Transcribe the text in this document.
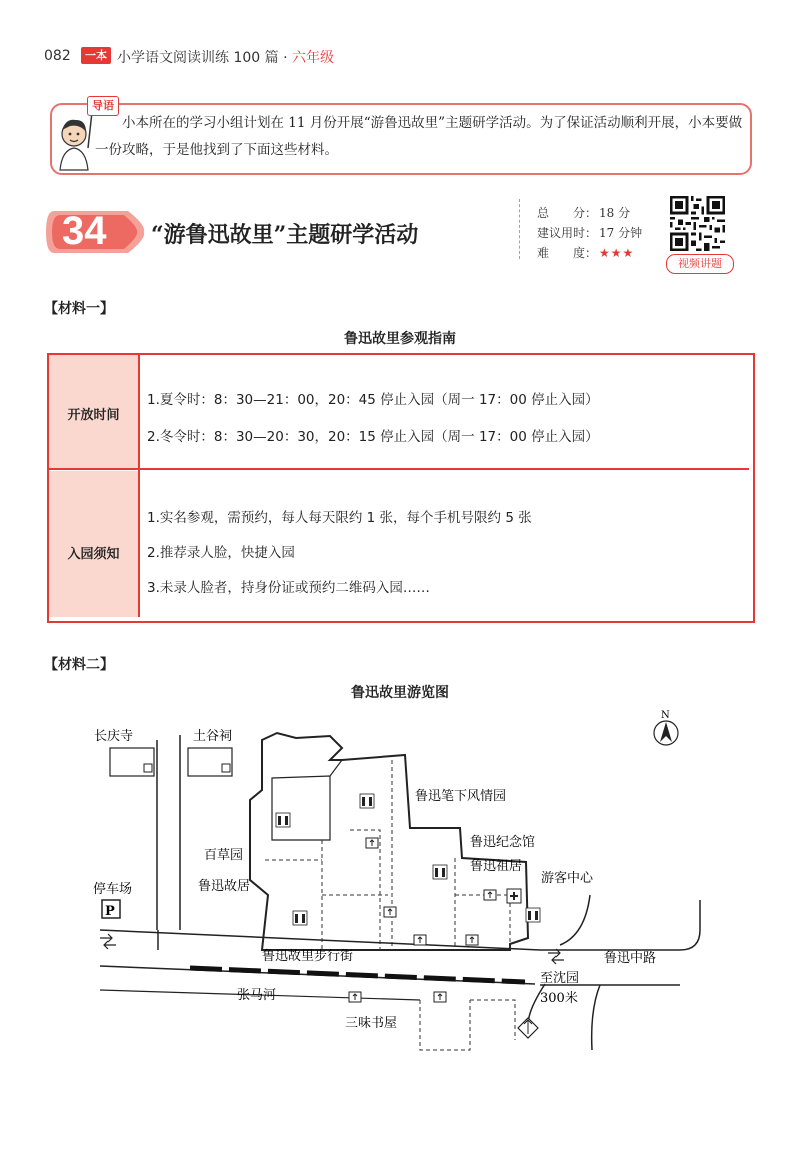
082	一本 小学语文阅读训练 100 篇 · 六年级
导语
小本所在的学习小组计划在 11 月份开展“游鲁迅故里”主题研学活动。为了保证活动顺利开展，小本要做一份攻略，于是他找到了下面这些材料。
34 “游鲁迅故里”主题研学活动
总　　分： 18 分
建议用时： 17 分钟
难　　度： ★★★
视频讲题
【材料一】
鲁迅故里参观指南
开放时间
1.夏令时：8：30—21：00，20：45 停止入园（周一 17：00 停止入园）
2.冬令时：8：30—20：30，20：15 停止入园（周一 17：00 停止入园）
入园须知
1.实名参观，需预约，每人每天限约 1 张，每个手机号限约 5 张
2.推荐录人脸，快捷入园
3.未录人脸者，持身份证或预约二维码入园……
【材料二】
鲁迅故里游览图
N
长庆寺	土谷祠
P
鲁迅笔下风情园
百草园
鲁迅故居
停车场
鲁迅纪念馆
鲁迅祖居
游客中心
鲁迅故里步行街	鲁迅中路
至沈园
300米
张马河
三味书屋
